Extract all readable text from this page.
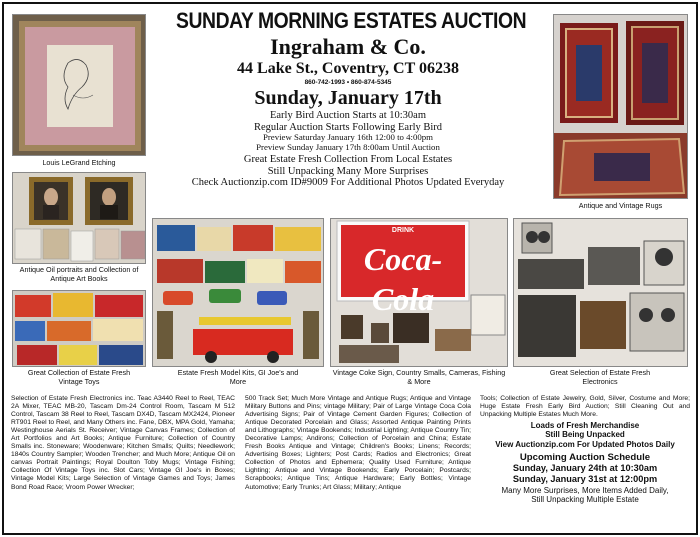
Louis LeGrand Etching
Antique Oil portraits and Collection of Antique Art Books
Great Collection of Estate Fresh Vintage Toys
SUNDAY MORNING ESTATES AUCTION
Ingraham & Co.
44 Lake St., Coventry, CT 06238
860-742-1993 • 860-874-5345
Sunday, January 17th
Early Bird Auction Starts at 10:30am
Regular Auction Starts Following Early Bird
Preview Saturday January 16th 12:00 to 4:00pm
Preview Sunday January 17th 8:00am Until Auction
Great Estate Fresh Collection From Local Estates
Still Unpacking Many More Surprises
Check Auctionzip.com ID#9009 For Additional Photos Updated Everyday
Antique and Vintage Rugs
Estate Fresh Model Kits, GI Joe's and More
DRINK
Coca-Cola
Vintage Coke Sign, Country Smalls, Cameras, Fishing & More
Great Selection of Estate Fresh Electronics
Selection of Estate Fresh Electronics inc. Teac A3440 Reel to Reel, TEAC 2A Mixer, TEAC MB-20, Tascam Dm-24 Control Room, Tascam M 512 Control, Tascam 38 Reel to Reel, Tascam DX4D, Tascam MX2424, Pioneer RT901 Reel to Reel, and Many Others inc. Fane, DBX, MPA Gold, Yamaha; Westinghouse Aerials St. Receiver; Vintage Canvas Frames; Collection of Art Portfolios and Art Books; Antique Furniture; Collection of Country Smalls inc. Stoneware; Woodenware; Kitchen Smalls; Quilts; Needlework; 1840s Country Sampler; Wooden Trencher; and Much More; Antique Oil on canvas Portrait Paintings; Royal Doulton Toby Mugs; Vintage Fishing; Collection Of Vintage Toys inc. Slot Cars; Vintage GI Joe's in Boxes; Vintage Model Kits; Large Selection of Vintage Games and Toys; James Bond Road Race; Vroom Power Wrecker;
500 Track Set; Much More Vintage and Antique Rugs; Antique and Vintage Military Buttons and Pins; vintage Military; Pair of Large Vintage Coca Cola Advertising Signs; Pair of Vintage Cement Garden Figures; Collection of Antique Decorated Porcelain and Glass; Assorted Antique Painting Prints and Lithographs; Vintage Bookends; Industrial Lighting; Antique Country Tin; Decorative Lamps; Andirons; Collection of Porcelain and China; Estate Fresh Books Antique and Vintage; Children's Books; Linens; Records; Advertising Boxes; Lighters; Post Cards; Radios and Electronics; Great Collection of Photos and Ephemera; Quality Used Furniture; Antique Lighting; Antique and Vintage Bookends; Early Porcelain; Postcards; Scrapbooks; Antique Tins; Antique Hardware; Early Bottles; Vintage Automotive; Early Trunks; Art Glass; Military; Antique
Tools; Collection of Estate Jewelry, Gold, Silver, Costume and More; Huge Estate Fresh Early Bird Auction; Still Cleaning Out and Unpacking Multiple Estates Much More.
Loads of Fresh Merchandise
Still Being Unpacked
View Auctionzip.com For Updated Photos Daily
Upcoming Auction Schedule
Sunday, January 24th at 10:30am
Sunday, January 31st at 12:00pm
Many More Surprises, More Items Added Daily,
Still Unpacking Multiple Estate
